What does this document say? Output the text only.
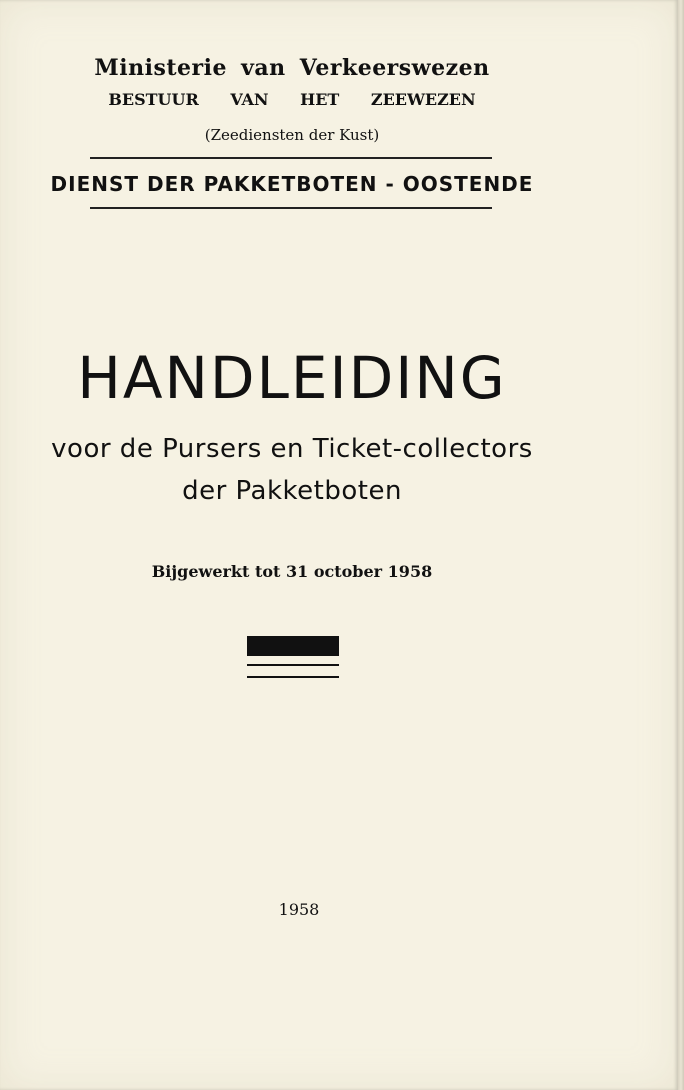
Ministerie van Verkeerswezen
BESTUUR VAN HET ZEEWEZEN
(Zeediensten der Kust)
DIENST DER PAKKETBOTEN - OOSTENDE
HANDLEIDING
voor de Pursers en Ticket-collectors
der Pakketboten
Bijgewerkt tot 31 october 1958
1958
